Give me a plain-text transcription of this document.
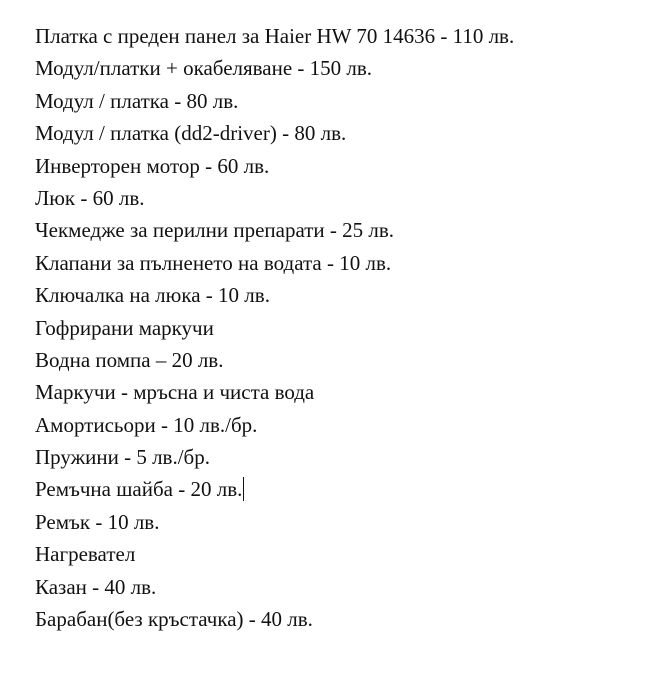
Платка с преден панел за Haier HW 70 14636 - 110 лв.
Модул/платки + окабеляване - 150 лв.
Модул / платка - 80 лв.
Модул / платка (dd2-driver) - 80 лв.
Инверторен мотор - 60 лв.
Люк - 60 лв.
Чекмедже за перилни препарати - 25 лв.
Клапани за пълненето на водата - 10 лв.
Ключалка на люка - 10 лв.
Гофрирани маркучи
Водна помпа – 20 лв.
Маркучи - мръсна и чиста вода
Амортисьори - 10 лв./бр.
Пружини - 5 лв./бр.
Ремъчна шайба - 20 лв.
Ремък - 10 лв.
Нагревател
Казан - 40 лв.
Барабан(без кръстачка) - 40 лв.
